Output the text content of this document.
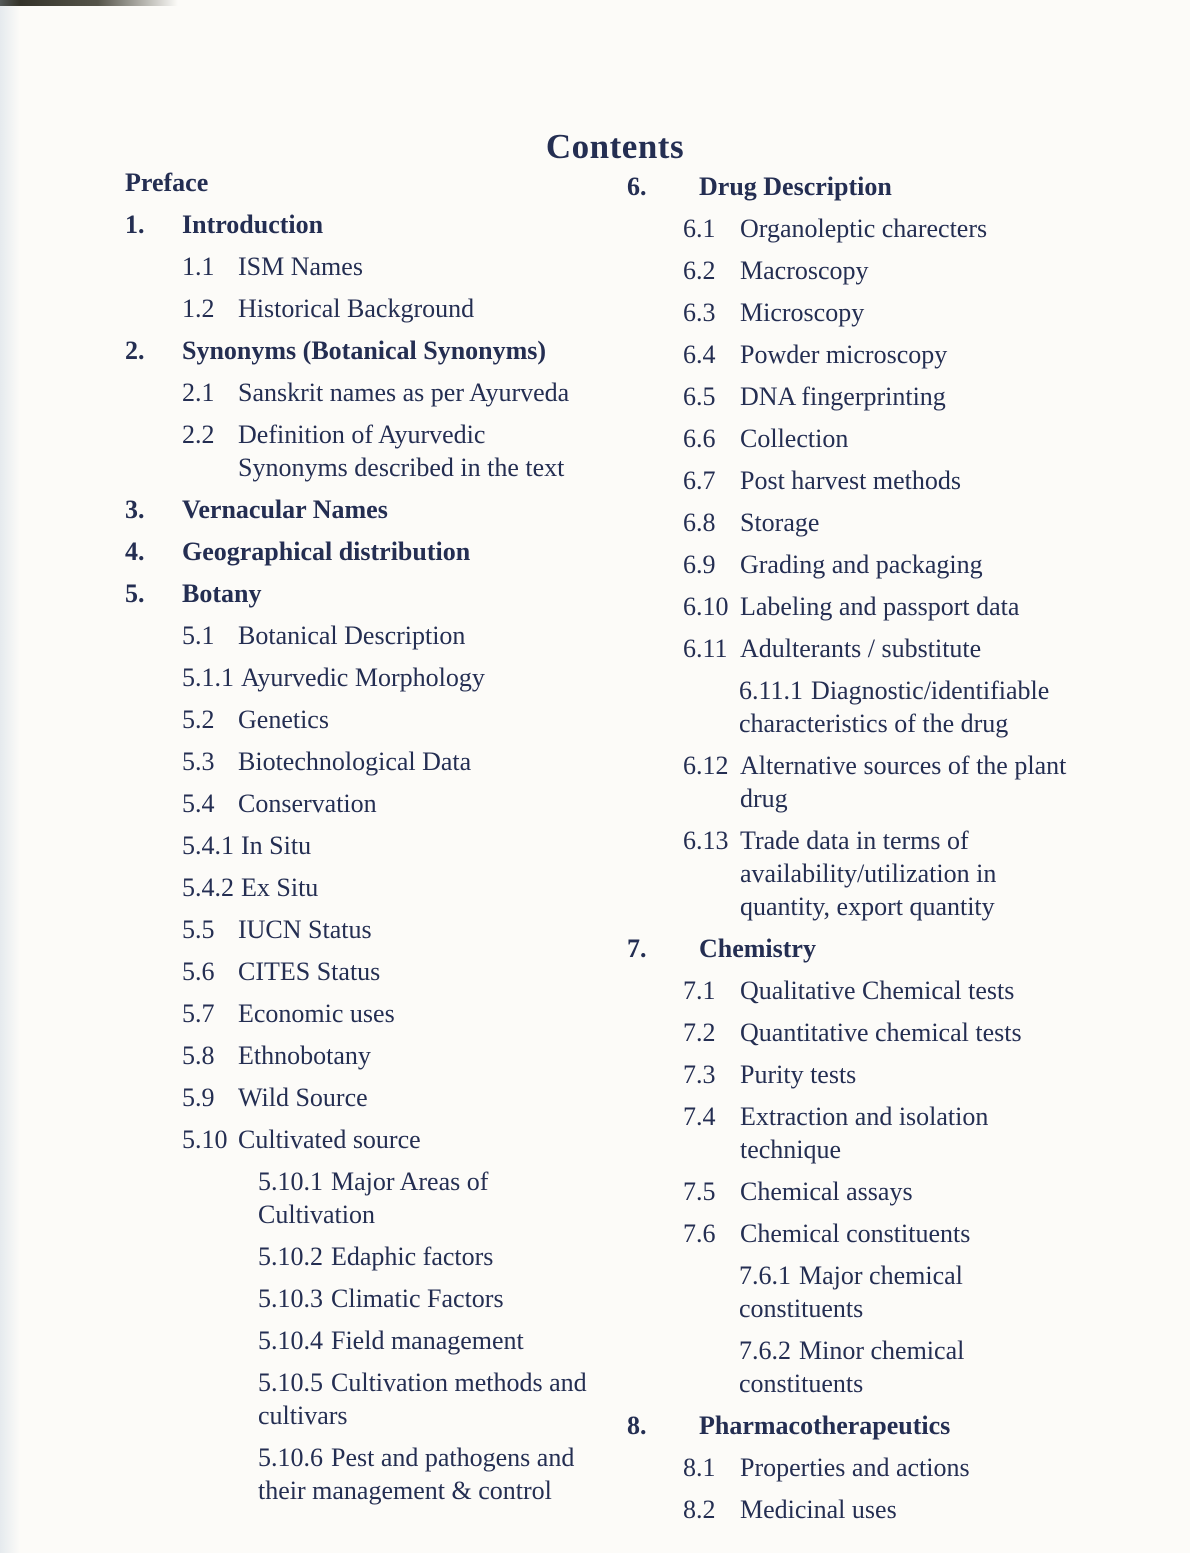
Contents
Preface
1. Introduction
1.1 ISM Names
1.2 Historical Background
2. Synonyms (Botanical Synonyms)
2.1 Sanskrit names as per Ayurveda
2.2 Definition of Ayurvedic
Synonyms described in the text
3. Vernacular Names
4. Geographical distribution
5. Botany
5.1 Botanical Description
5.1.1 Ayurvedic Morphology
5.2 Genetics
5.3 Biotechnological Data
5.4 Conservation
5.4.1 In Situ
5.4.2 Ex Situ
5.5 IUCN Status
5.6 CITES Status
5.7 Economic uses
5.8 Ethnobotany
5.9 Wild Source
5.10 Cultivated source
5.10.1 Major Areas of
Cultivation
5.10.2 Edaphic factors
5.10.3 Climatic Factors
5.10.4 Field management
5.10.5 Cultivation methods and
cultivars
5.10.6 Pest and pathogens and
their management & control
6. Drug Description
6.1 Organoleptic charecters
6.2 Macroscopy
6.3 Microscopy
6.4 Powder microscopy
6.5 DNA fingerprinting
6.6 Collection
6.7 Post harvest methods
6.8 Storage
6.9 Grading and packaging
6.10 Labeling and passport data
6.11 Adulterants / substitute
6.11.1 Diagnostic/identifiable
characteristics of the drug
6.12 Alternative sources of the plant
drug
6.13 Trade data in terms of
availability/utilization in
quantity, export quantity
7. Chemistry
7.1 Qualitative Chemical tests
7.2 Quantitative chemical tests
7.3 Purity tests
7.4 Extraction and isolation
technique
7.5 Chemical assays
7.6 Chemical constituents
7.6.1 Major chemical
constituents
7.6.2 Minor chemical
constituents
8. Pharmacotherapeutics
8.1 Properties and actions
8.2 Medicinal uses
